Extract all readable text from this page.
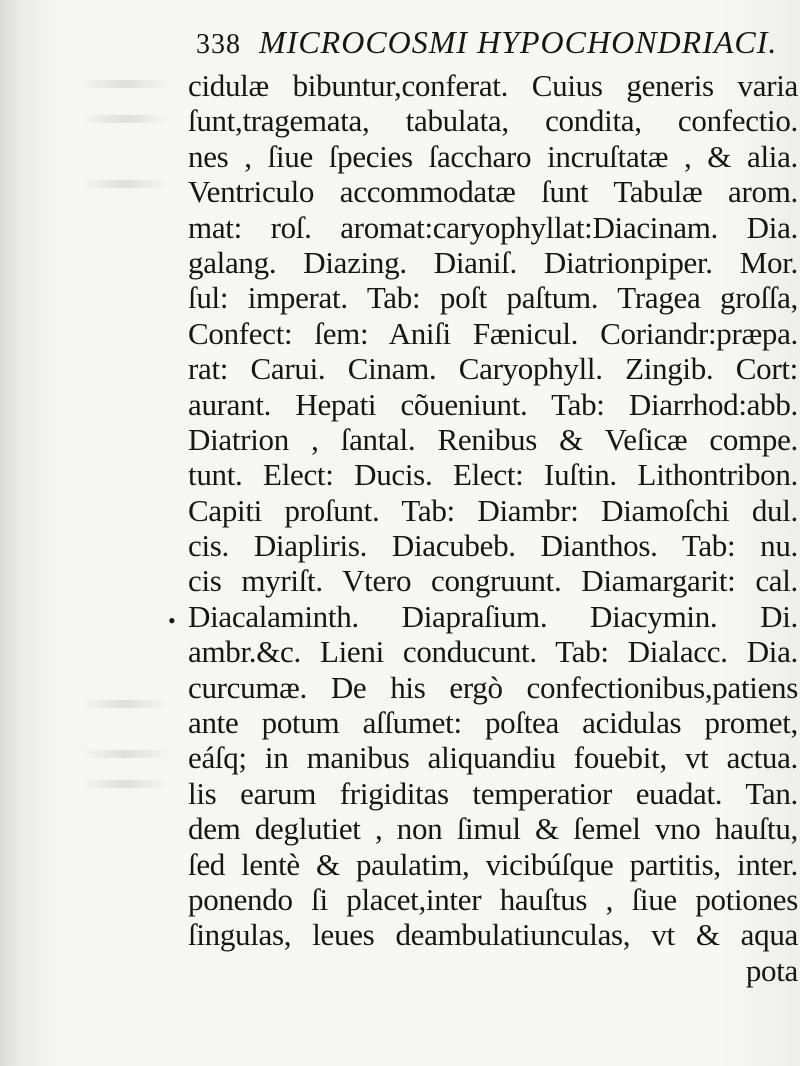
338 MICROCOSMI HYPOCHONDRIACI.
•
cidulæ bibuntur,conferat. Cuius generis varia
ſunt,tragemata, tabulata, condita, confectio.
nes , ſiue ſpecies ſaccharo incruſtatæ , & alia.
Ventriculo accommodatæ ſunt Tabulæ arom.
mat: roſ. aromat:caryophyllat:Diacinam. Dia.
galang. Diazing. Dianiſ. Diatrionpiper. Mor.
ſul: imperat. Tab: poſt paſtum. Tragea groſſa,
Confect: ſem: Aniſi Fænicul. Coriandr:præpa.
rat: Carui. Cinam. Caryophyll. Zingib. Cort:
aurant. Hepati cõueniunt. Tab: Diarrhod:abb.
Diatrion , ſantal. Renibus & Veſicæ compe.
tunt. Elect: Ducis. Elect: Iuſtin. Lithontribon.
Capiti proſunt. Tab: Diambr: Diamoſchi dul.
cis. Diapliris. Diacubeb. Dianthos. Tab: nu.
cis myriſt. Vtero congruunt. Diamargarit: cal.
Diacalaminth. Diapraſium. Diacymin. Di.
ambr.&c. Lieni conducunt. Tab: Dialacc. Dia.
curcumæ. De his ergò confectionibus,patiens
ante potum aſſumet: poſtea acidulas promet,
eáſq; in manibus aliquandiu fouebit, vt actua.
lis earum frigiditas temperatior euadat. Tan.
dem deglutiet , non ſimul & ſemel vno hauſtu,
ſed lentè & paulatim, vicibúſque partitis, inter.
ponendo ſi placet,inter hauſtus , ſiue potiones
ſingulas, leues deambulatiunculas, vt & aqua
pota
